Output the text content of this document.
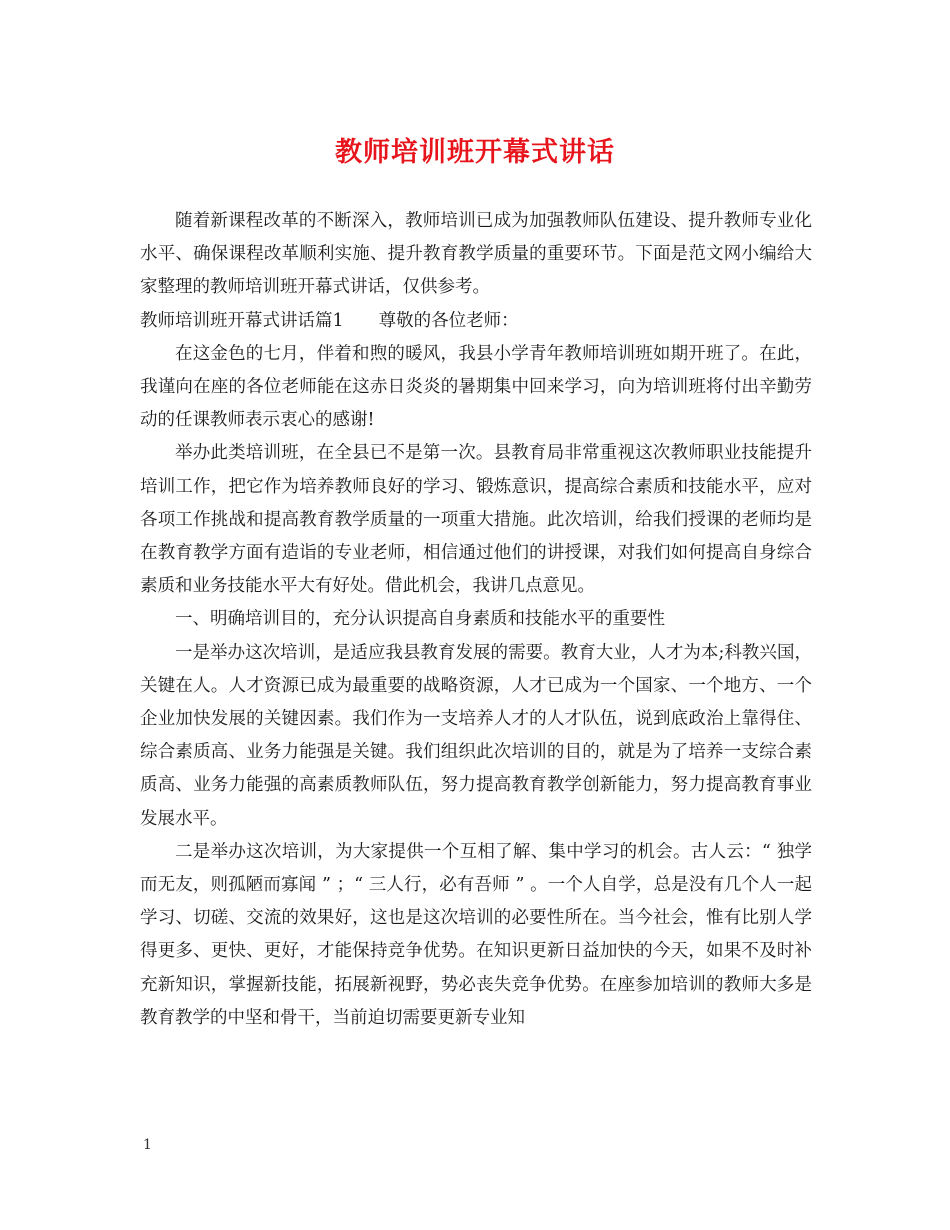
教师培训班开幕式讲话

随着新课程改革的不断深入，教师培训已成为加强教师队伍建设、提升教师专业化水平、确保课程改革顺利实施、提升教育教学质量的重要环节。下面是范文网小编给大家整理的教师培训班开幕式讲话，仅供参考。

教师培训班开幕式讲话篇1　　尊敬的各位老师：

在这金色的七月，伴着和煦的暖风，我县小学青年教师培训班如期开班了。在此，我谨向在座的各位老师能在这赤日炎炎的暑期集中回来学习，向为培训班将付出辛勤劳动的任课教师表示衷心的感谢!

举办此类培训班，在全县已不是第一次。县教育局非常重视这次教师职业技能提升培训工作，把它作为培养教师良好的学习、锻炼意识，提高综合素质和技能水平，应对各项工作挑战和提高教育教学质量的一项重大措施。此次培训，给我们授课的老师均是在教育教学方面有造诣的专业老师，相信通过他们的讲授课，对我们如何提高自身综合素质和业务技能水平大有好处。借此机会，我讲几点意见。

一、明确培训目的，充分认识提高自身素质和技能水平的重要性

一是举办这次培训，是适应我县教育发展的需要。教育大业，人才为本;科教兴国，关键在人。人才资源已成为最重要的战略资源，人才已成为一个国家、一个地方、一个企业加快发展的关键因素。我们作为一支培养人才的人才队伍，说到底政治上靠得住、综合素质高、业务力能强是关键。我们组织此次培训的目的，就是为了培养一支综合素质高、业务力能强的高素质教师队伍，努力提高教育教学创新能力，努力提高教育事业发展水平。

二是举办这次培训，为大家提供一个互相了解、集中学习的机会。古人云：“ 独学而无友，则孤陋而寡闻 ” ；“ 三人行，必有吾师 ” 。一个人自学，总是没有几个人一起学习、切磋、交流的效果好，这也是这次培训的必要性所在。当今社会，惟有比别人学得更多、更快、更好，才能保持竞争优势。在知识更新日益加快的今天，如果不及时补充新知识，掌握新技能，拓展新视野，势必丧失竞争优势。在座参加培训的教师大多是教育教学的中坚和骨干，当前迫切需要更新专业知

1
